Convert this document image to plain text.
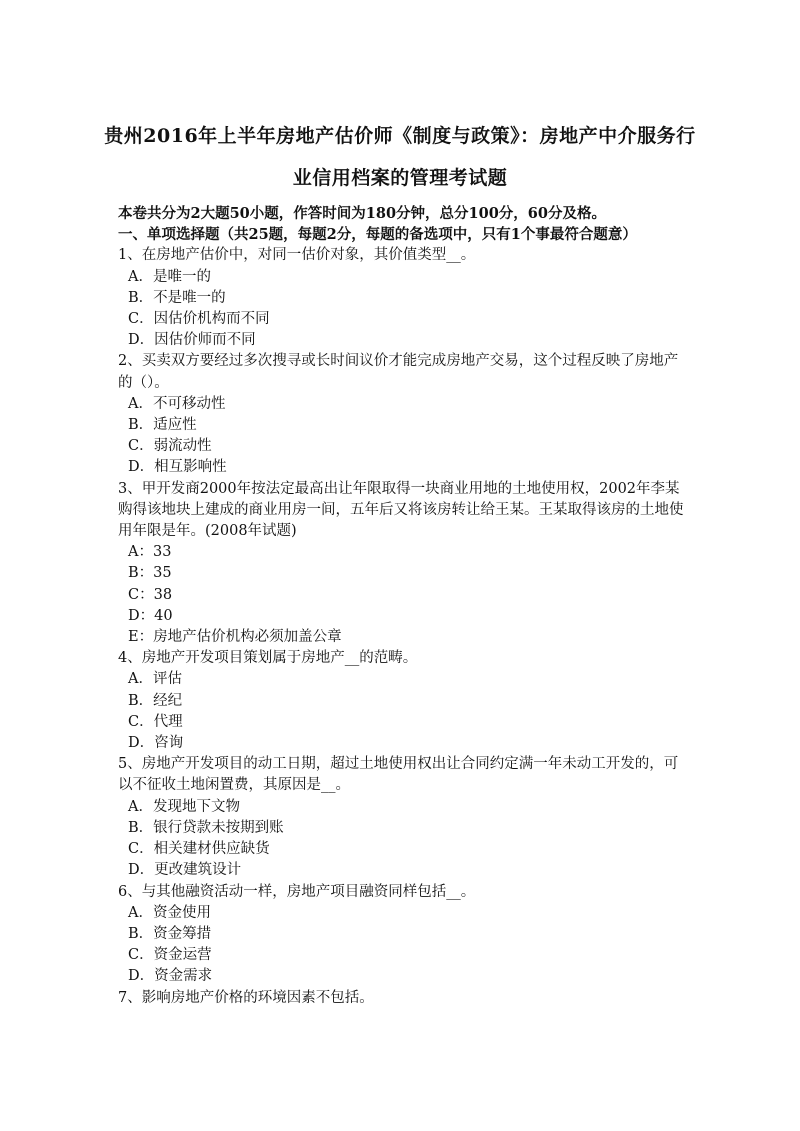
贵州2016年上半年房地产估价师《制度与政策》：房地产中介服务行
业信用档案的管理考试题
本卷共分为2大题50小题，作答时间为180分钟，总分100分，60分及格。
一、单项选择题（共25题，每题2分，每题的备选项中，只有1个事最符合题意）
1、在房地产估价中，对同一估价对象，其价值类型__。
A．是唯一的
B．不是唯一的
C．因估价机构而不同
D．因估价师而不同
2、买卖双方要经过多次搜寻或长时间议价才能完成房地产交易，这个过程反映了房地产的（）。
A．不可移动性
B．适应性
C．弱流动性
D．相互影响性
3、甲开发商2000年按法定最高出让年限取得一块商业用地的土地使用权，2002年李某购得该地块上建成的商业用房一间，五年后又将该房转让给王某。王某取得该房的土地使用年限是年。(2008年试题)
A：33
B：35
C：38
D：40
E：房地产估价机构必须加盖公章
4、房地产开发项目策划属于房地产__的范畴。
A．评估
B．经纪
C．代理
D．咨询
5、房地产开发项目的动工日期，超过土地使用权出让合同约定满一年未动工开发的，可以不征收土地闲置费，其原因是__。
A．发现地下文物
B．银行贷款未按期到账
C．相关建材供应缺货
D．更改建筑设计
6、与其他融资活动一样，房地产项目融资同样包括__。
A．资金使用
B．资金筹措
C．资金运营
D．资金需求
7、影响房地产价格的环境因素不包括。
